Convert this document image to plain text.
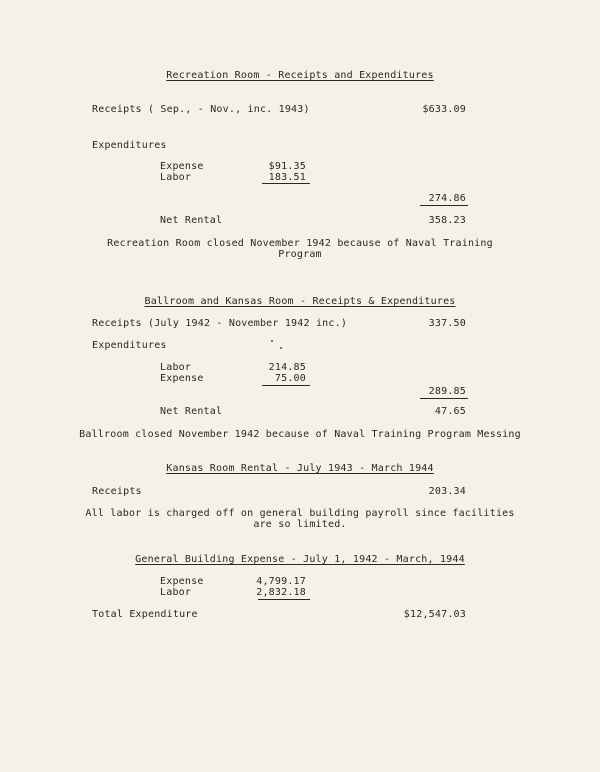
Recreation Room - Receipts and Expenditures
Receipts ( Sep., - Nov., inc. 1943)	$633.09
Expenditures
Expense	$91.35
Labor	183.51
274.86
Net Rental	358.23
Recreation Room closed November 1942 because of Naval Training
Program
Ballroom and Kansas Room - Receipts & Expenditures
Receipts (July 1942 - November 1942 inc.)	337.50
Expenditures
Labor	214.85
Expense	75.00
289.85
Net Rental	47.65
Ballroom closed November 1942 because of Naval Training Program Messing
Kansas Room Rental - July 1943 - March 1944
Receipts	203.34
All labor is charged off on general building payroll since facilities
are so limited.
General Building Expense - July 1, 1942 - March, 1944
Expense	4,799.17
Labor	2,832.18
Total Expenditure	$12,547.03
